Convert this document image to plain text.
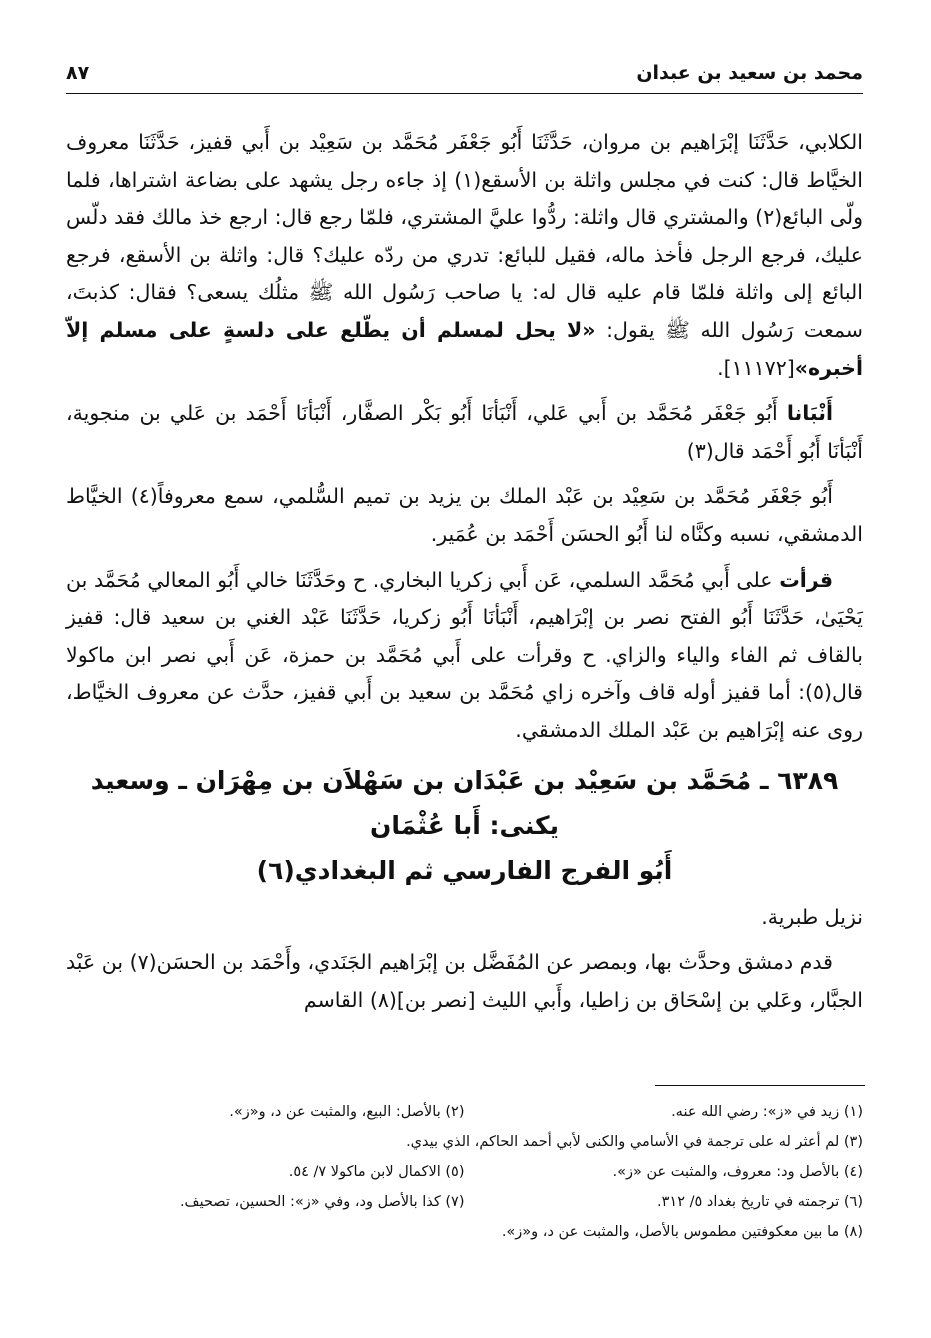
محمد بن سعيد بن عبدان
٨٧

الكلابي، حَدَّثَنَا إبْرَاهيم بن مروان، حَدَّثَنَا أَبُو جَعْفَر مُحَمَّد بن سَعِيْد بن أَبي قفيز، حَدَّثَنَا معروف الخيَّاط قال: كنت في مجلس واثلة بن الأسقع(١) إذ جاءه رجل يشهد على بضاعة اشتراها، فلما ولّى البائع(٢) والمشتري قال واثلة: ردُّوا عليَّ المشتري، فلمّا رجع قال: ارجع خذ مالك فقد دلّس عليك، فرجع الرجل فأخذ ماله، فقيل للبائع: تدري من ردّه عليك؟ قال: واثلة بن الأسقع، فرجع البائع إلى واثلة فلمّا قام عليه قال له: يا صاحب رَسُول الله ﷺ مثلُك يسعى؟ فقال: كذبتَ، سمعت رَسُول الله ﷺ يقول: «لا يحل لمسلم أن يطّلع على دلسةٍ على مسلم إلاّ أخبره»[١١١٧٢].

أَنْبَانا أَبُو جَعْفَر مُحَمَّد بن أَبي عَلي، أَنْبَأنَا أَبُو بَكْر الصفَّار، أَنْبَأنَا أَحْمَد بن عَلي بن منجوية، أَنْبَأنَا أَبُو أَحْمَد قال(٣)

أَبُو جَعْفَر مُحَمَّد بن سَعِيْد بن عَبْد الملك بن يزيد بن تميم السُّلمي، سمع معروفاً(٤) الخيَّاط الدمشقي، نسبه وكنَّاه لنا أَبُو الحسَن أَحْمَد بن عُمَير.

قرأت على أَبي مُحَمَّد السلمي، عَن أَبي زكريا البخاري. ح وحَدَّثَنَا خالي أَبُو المعالي مُحَمَّد بن يَحْيَىٰ، حَدَّثَنَا أَبُو الفتح نصر بن إبْرَاهيم، أَنْبَأنَا أَبُو زكريا، حَدَّثَنَا عَبْد الغني بن سعيد قال: قفيز بالقاف ثم الفاء والياء والزاي. ح وقرأت على أَبي مُحَمَّد بن حمزة، عَن أَبي نصر ابن ماكولا قال(٥): أما قفيز أوله قاف وآخره زاي مُحَمَّد بن سعيد بن أَبي قفيز، حدَّث عن معروف الخيَّاط، روى عنه إبْرَاهيم بن عَبْد الملك الدمشقي.

٦٣٨٩ ـ مُحَمَّد بن سَعِيْد بن عَبْدَان بن سَهْلاَن بن مِهْرَان ـ وسعيد يكنى: أَبا عُثْمَان
أَبُو الفرج الفارسي ثم البغدادي(٦)

نزيل طبرية.

قدم دمشق وحدَّث بها، وبمصر عن المُفَضَّل بن إبْرَاهيم الجَنَدي، وأَحْمَد بن الحسَن(٧) بن عَبْد الجبَّار، وعَلي بن إسْحَاق بن زاطيا، وأَبي الليث [نصر بن](٨) القاسم

(١) زيد في «ز»: رضي الله عنه.
(٢) بالأصل: البيع، والمثبت عن د، و«ز».
(٣) لم أعثر له على ترجمة في الأسامي والكنى لأبي أحمد الحاكم، الذي بيدي.
(٤) بالأصل ود: معروف، والمثبت عن «ز».
(٥) الاكمال لابن ماكولا ٧/ ٥٤.
(٦) ترجمته في تاريخ بغداد ٥/ ٣١٢.
(٧) كذا بالأصل ود، وفي «ز»: الحسين، تصحيف.
(٨) ما بين معكوفتين مطموس بالأصل، والمثبت عن د، و«ز».
